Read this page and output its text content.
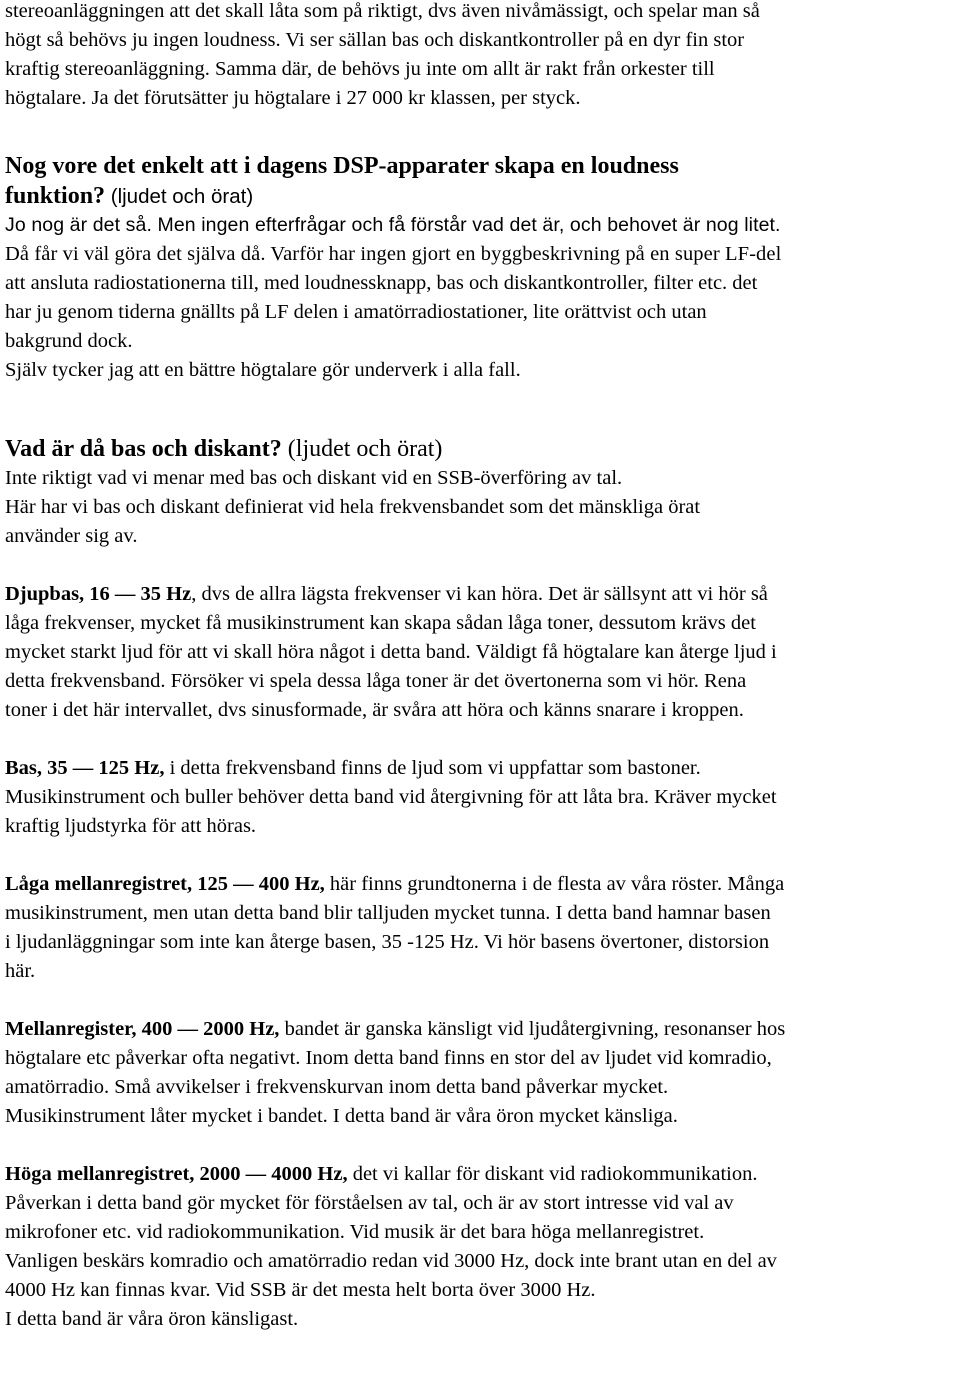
stereoanläggningen att det skall låta som på riktigt, dvs även nivåmässigt, och spelar man så

högt så behövs ju ingen loudness. Vi ser sällan bas och diskantkontroller på en dyr fin stor

kraftig stereoanläggning. Samma där, de behövs ju inte om allt är rakt från orkester till

högtalare. Ja det förutsätter ju högtalare i 27 000 kr klassen, per styck.

Nog vore det enkelt att i dagens DSP-apparater skapa en loudness

funktion? (ljudet och örat)

Jo nog är det så. Men ingen efterfrågar och få förstår vad det är, och behovet är nog litet.

Då får vi väl göra det själva då. Varför har ingen gjort en byggbeskrivning på en super LF-del

att ansluta radiostationerna till, med loudnessknapp, bas och diskantkontroller, filter etc. det

har ju genom tiderna gnällts på LF delen i amatörradiostationer, lite orättvist och utan

bakgrund dock.

Själv tycker jag att en bättre högtalare gör underverk i alla fall.

Vad är då bas och diskant? (ljudet och örat)

Inte riktigt vad vi menar med bas och diskant vid en SSB-överföring av tal.

Här har vi bas och diskant definierat vid hela frekvensbandet som det mänskliga örat

använder sig av.

Djupbas, 16 — 35 Hz, dvs de allra lägsta frekvenser vi kan höra. Det är sällsynt att vi hör så

låga frekvenser, mycket få musikinstrument kan skapa sådan låga toner, dessutom krävs det

mycket starkt ljud för att vi skall höra något i detta band. Väldigt få högtalare kan återge ljud i

detta frekvensband. Försöker vi spela dessa låga toner är det övertonerna som vi hör. Rena

toner i det här intervallet, dvs sinusformade, är svåra att höra och känns snarare i kroppen.

Bas, 35 — 125 Hz, i detta frekvensband finns de ljud som vi uppfattar som bastoner.

Musikinstrument och buller behöver detta band vid återgivning för att låta bra. Kräver mycket

kraftig ljudstyrka för att höras.

Låga mellanregistret, 125 — 400 Hz, här finns grundtonerna i de flesta av våra röster. Många

musikinstrument, men utan detta band blir talljuden mycket tunna. I detta band hamnar basen

i ljudanläggningar som inte kan återge basen, 35 -125 Hz. Vi hör basens övertoner, distorsion

här.

Mellanregister, 400 — 2000 Hz, bandet är ganska känsligt vid ljudåtergivning, resonanser hos

högtalare etc påverkar ofta negativt. Inom detta band finns en stor del av ljudet vid komradio,

amatörradio. Små avvikelser i frekvenskurvan inom detta band påverkar mycket.

Musikinstrument låter mycket i bandet. I detta band är våra öron mycket känsliga.

Höga mellanregistret, 2000 — 4000 Hz, det vi kallar för diskant vid radiokommunikation.

Påverkan i detta band gör mycket för förståelsen av tal, och är av stort intresse vid val av

mikrofoner etc. vid radiokommunikation. Vid musik är det bara höga mellanregistret.

Vanligen beskärs komradio och amatörradio redan vid 3000 Hz, dock inte brant utan en del av

4000 Hz kan finnas kvar. Vid SSB är det mesta helt borta över 3000 Hz.

I detta band är våra öron känsligast.
